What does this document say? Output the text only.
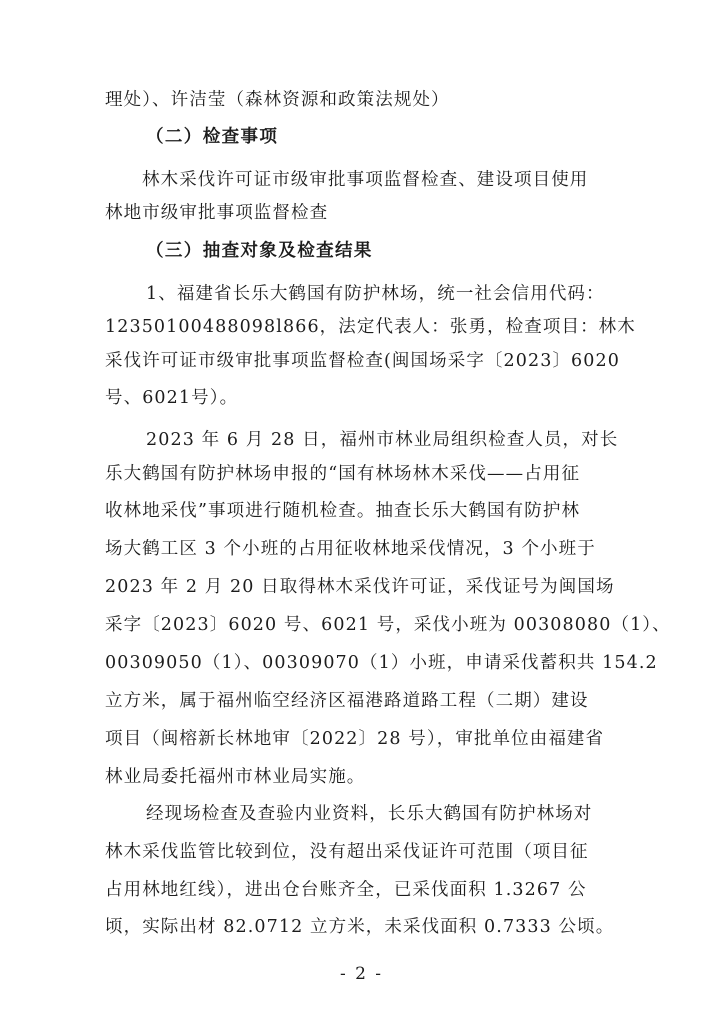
理处）、许洁莹（森林资源和政策法规处）
（二）检查事项
林木采伐许可证市级审批事项监督检查、建设项目使用
林地市级审批事项监督检查
（三）抽查对象及检查结果
1、福建省长乐大鹤国有防护林场，统一社会信用代码：
12350100488098l866，法定代表人：张勇，检查项目：林木
采伐许可证市级审批事项监督检查(闽国场采字〔2023〕6020
号、6021号）。
2023 年 6 月 28 日，福州市林业局组织检查人员，对长
乐大鹤国有防护林场申报的“国有林场林木采伐——占用征
收林地采伐”事项进行随机检查。抽查长乐大鹤国有防护林
场大鹤工区 3 个小班的占用征收林地采伐情况，3 个小班于
2023 年 2 月 20 日取得林木采伐许可证，采伐证号为闽国场
采字〔2023〕6020 号、6021 号，采伐小班为 00308080（1）、
00309050（1）、00309070（1）小班，申请采伐蓄积共 154.2
立方米，属于福州临空经济区福港路道路工程（二期）建设
项目（闽榕新长林地审〔2022〕28 号），审批单位由福建省
林业局委托福州市林业局实施。
经现场检查及查验内业资料，长乐大鹤国有防护林场对
林木采伐监管比较到位，没有超出采伐证许可范围（项目征
占用林地红线），进出仓台账齐全，已采伐面积 1.3267 公
顷，实际出材 82.0712 立方米，未采伐面积 0.7333 公顷。
- 2 -
